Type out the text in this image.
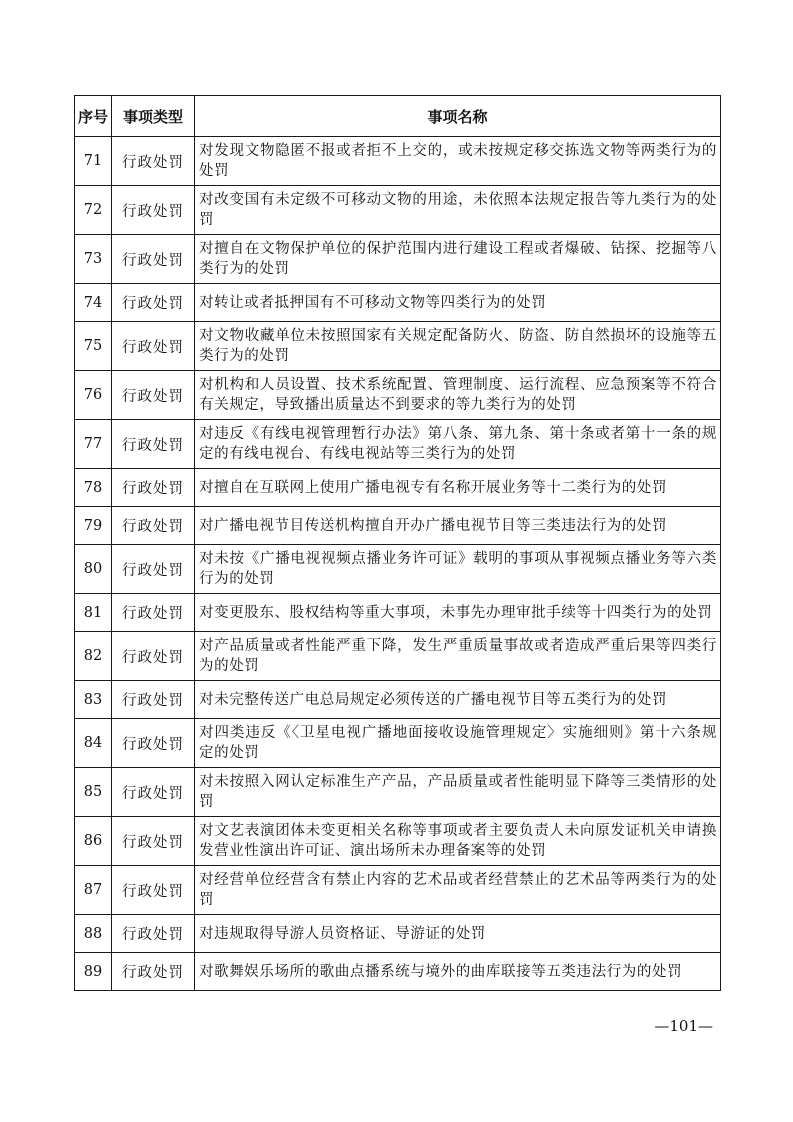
序号	事项类型	事项名称
71	行政处罚	对发现文物隐匿不报或者拒不上交的，或未按规定移交拣选文物等两类行为的处罚
72	行政处罚	对改变国有未定级不可移动文物的用途，未依照本法规定报告等九类行为的处罚
73	行政处罚	对擅自在文物保护单位的保护范围内进行建设工程或者爆破、钻探、挖掘等八类行为的处罚
74	行政处罚	对转让或者抵押国有不可移动文物等四类行为的处罚
75	行政处罚	对文物收藏单位未按照国家有关规定配备防火、防盗、防自然损坏的设施等五类行为的处罚
76	行政处罚	对机构和人员设置、技术系统配置、管理制度、运行流程、应急预案等不符合有关规定，导致播出质量达不到要求的等九类行为的处罚
77	行政处罚	对违反《有线电视管理暂行办法》第八条、第九条、第十条或者第十一条的规定的有线电视台、有线电视站等三类行为的处罚
78	行政处罚	对擅自在互联网上使用广播电视专有名称开展业务等十二类行为的处罚
79	行政处罚	对广播电视节目传送机构擅自开办广播电视节目等三类违法行为的处罚
80	行政处罚	对未按《广播电视视频点播业务许可证》载明的事项从事视频点播业务等六类行为的处罚
81	行政处罚	对变更股东、股权结构等重大事项，未事先办理审批手续等十四类行为的处罚
82	行政处罚	对产品质量或者性能严重下降，发生严重质量事故或者造成严重后果等四类行为的处罚
83	行政处罚	对未完整传送广电总局规定必须传送的广播电视节目等五类行为的处罚
84	行政处罚	对四类违反《〈卫星电视广播地面接收设施管理规定〉实施细则》第十六条规定的处罚
85	行政处罚	对未按照入网认定标准生产产品，产品质量或者性能明显下降等三类情形的处罚
86	行政处罚	对文艺表演团体未变更相关名称等事项或者主要负责人未向原发证机关申请换发营业性演出许可证、演出场所未办理备案等的处罚
87	行政处罚	对经营单位经营含有禁止内容的艺术品或者经营禁止的艺术品等两类行为的处罚
88	行政处罚	对违规取得导游人员资格证、导游证的处罚
89	行政处罚	对歌舞娱乐场所的歌曲点播系统与境外的曲库联接等五类违法行为的处罚
—101—
